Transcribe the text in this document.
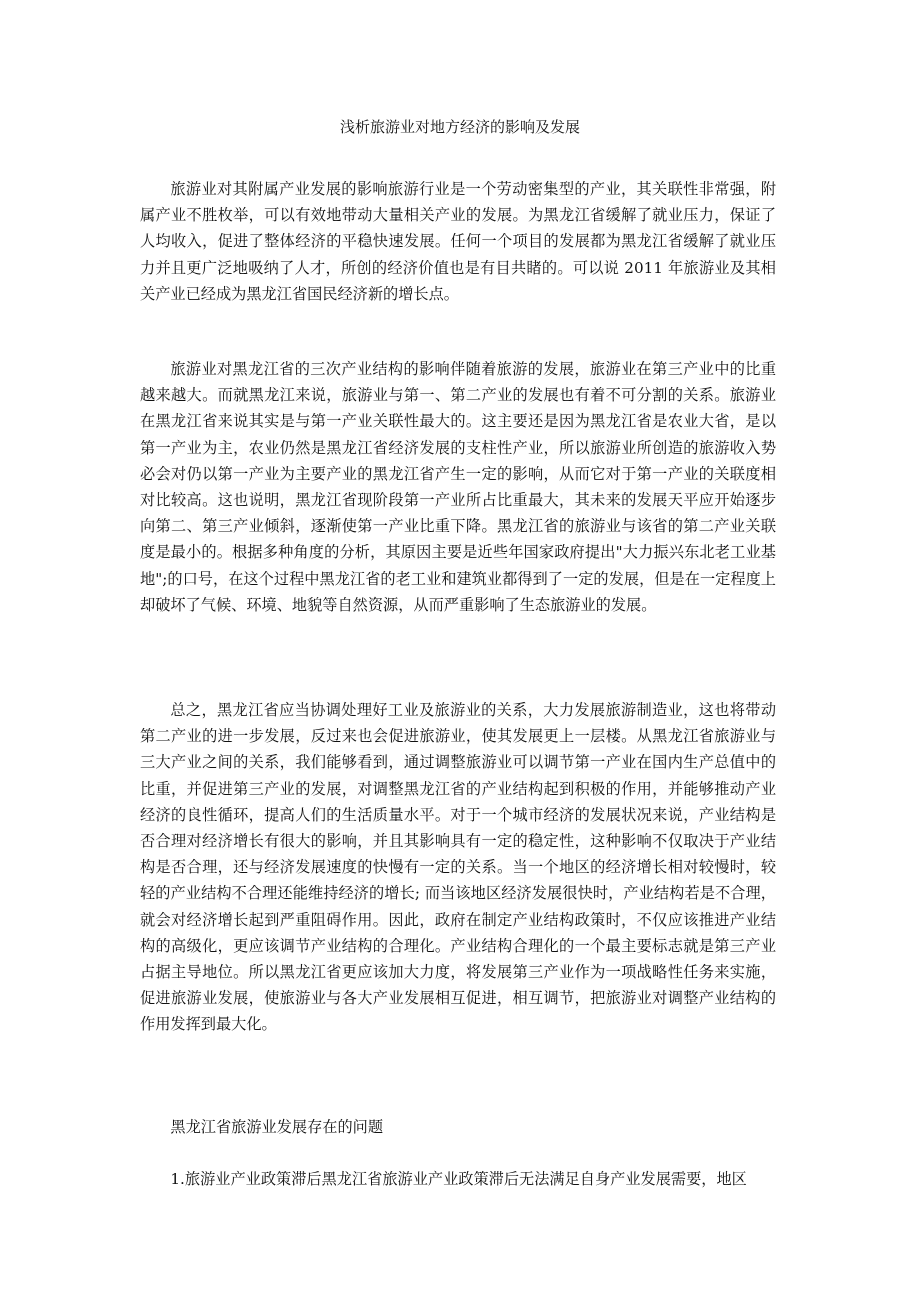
浅析旅游业对地方经济的影响及发展

旅游业对其附属产业发展的影响旅游行业是一个劳动密集型的产业，其关联性非常强，附属产业不胜枚举，可以有效地带动大量相关产业的发展。为黑龙江省缓解了就业压力，保证了人均收入，促进了整体经济的平稳快速发展。任何一个项目的发展都为黑龙江省缓解了就业压力并且更广泛地吸纳了人才，所创的经济价值也是有目共睹的。可以说 2011 年旅游业及其相关产业已经成为黑龙江省国民经济新的增长点。

旅游业对黑龙江省的三次产业结构的影响伴随着旅游的发展，旅游业在第三产业中的比重越来越大。而就黑龙江来说，旅游业与第一、第二产业的发展也有着不可分割的关系。旅游业在黑龙江省来说其实是与第一产业关联性最大的。这主要还是因为黑龙江省是农业大省，是以第一产业为主，农业仍然是黑龙江省经济发展的支柱性产业，所以旅游业所创造的旅游收入势必会对仍以第一产业为主要产业的黑龙江省产生一定的影响，从而它对于第一产业的关联度相对比较高。这也说明，黑龙江省现阶段第一产业所占比重最大，其未来的发展天平应开始逐步向第二、第三产业倾斜，逐渐使第一产业比重下降。黑龙江省的旅游业与该省的第二产业关联度是最小的。根据多种角度的分析，其原因主要是近些年国家政府提出"大力振兴东北老工业基地";的口号，在这个过程中黑龙江省的老工业和建筑业都得到了一定的发展，但是在一定程度上却破坏了气候、环境、地貌等自然资源，从而严重影响了生态旅游业的发展。

总之，黑龙江省应当协调处理好工业及旅游业的关系，大力发展旅游制造业，这也将带动第二产业的进一步发展，反过来也会促进旅游业，使其发展更上一层楼。从黑龙江省旅游业与三大产业之间的关系，我们能够看到，通过调整旅游业可以调节第一产业在国内生产总值中的比重，并促进第三产业的发展，对调整黑龙江省的产业结构起到积极的作用，并能够推动产业经济的良性循环，提高人们的生活质量水平。对于一个城市经济的发展状况来说，产业结构是否合理对经济增长有很大的影响，并且其影响具有一定的稳定性，这种影响不仅取决于产业结构是否合理，还与经济发展速度的快慢有一定的关系。当一个地区的经济增长相对较慢时，较轻的产业结构不合理还能维持经济的增长; 而当该地区经济发展很快时，产业结构若是不合理，就会对经济增长起到严重阻碍作用。因此，政府在制定产业结构政策时，不仅应该推进产业结构的高级化，更应该调节产业结构的合理化。产业结构合理化的一个最主要标志就是第三产业占据主导地位。所以黑龙江省更应该加大力度，将发展第三产业作为一项战略性任务来实施，促进旅游业发展，使旅游业与各大产业发展相互促进，相互调节，把旅游业对调整产业结构的作用发挥到最大化。

黑龙江省旅游业发展存在的问题

1.旅游业产业政策滞后黑龙江省旅游业产业政策滞后无法满足自身产业发展需要，地区
